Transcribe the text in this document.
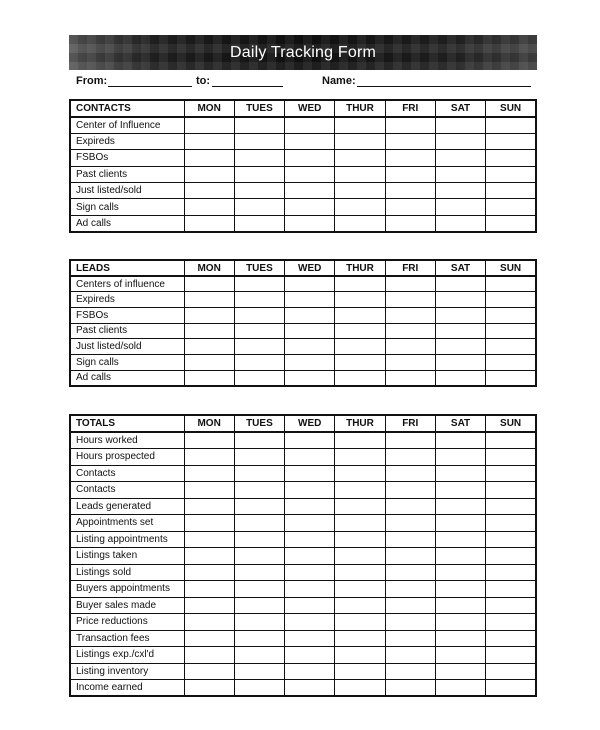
Daily Tracking Form
From:	to:	Name:
CONTACTS	MON	TUES	WED	THUR	FRI	SAT	SUN
Center of Influence							
Expireds							
FSBOs							
Past clients							
Just listed/sold							
Sign calls							
Ad calls							
LEADS	MON	TUES	WED	THUR	FRI	SAT	SUN
Centers of influence							
Expireds							
FSBOs							
Past clients							
Just listed/sold							
Sign calls							
Ad calls							
TOTALS	MON	TUES	WED	THUR	FRI	SAT	SUN
Hours worked							
Hours prospected							
Contacts							
Contacts							
Leads generated							
Appointments set							
Listing appointments							
Listings taken							
Listings sold							
Buyers appointments							
Buyer sales made							
Price reductions							
Transaction fees							
Listings exp./cxl'd							
Listing inventory							
Income earned							
